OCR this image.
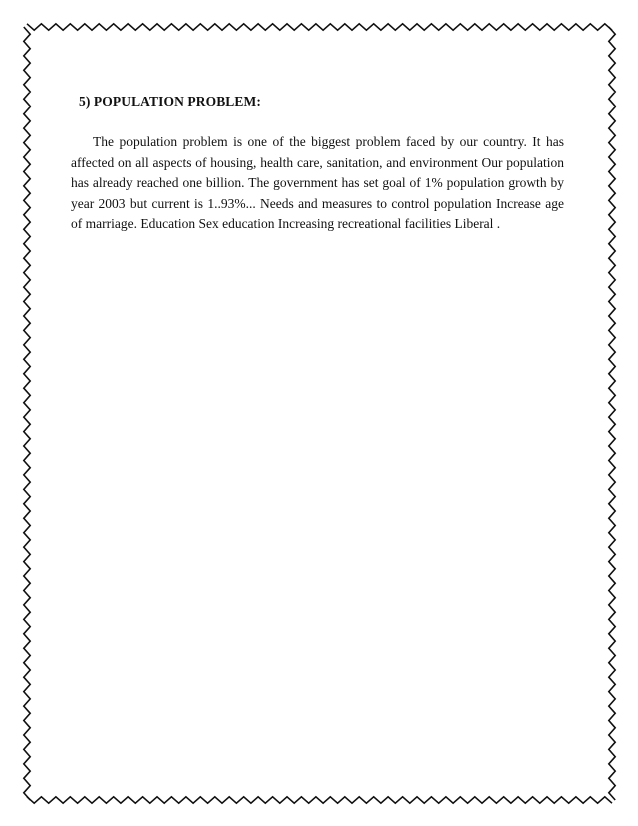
5) POPULATION PROBLEM:

The population problem is one of the biggest problem faced by our country. It has affected on all aspects of housing, health care, sanitation, and environment Our population has already reached one billion. The government has set goal of 1% population growth by year 2003 but current is 1..93%... Needs and measures to control population Increase age of marriage. Education Sex education Increasing recreational facilities Liberal .
